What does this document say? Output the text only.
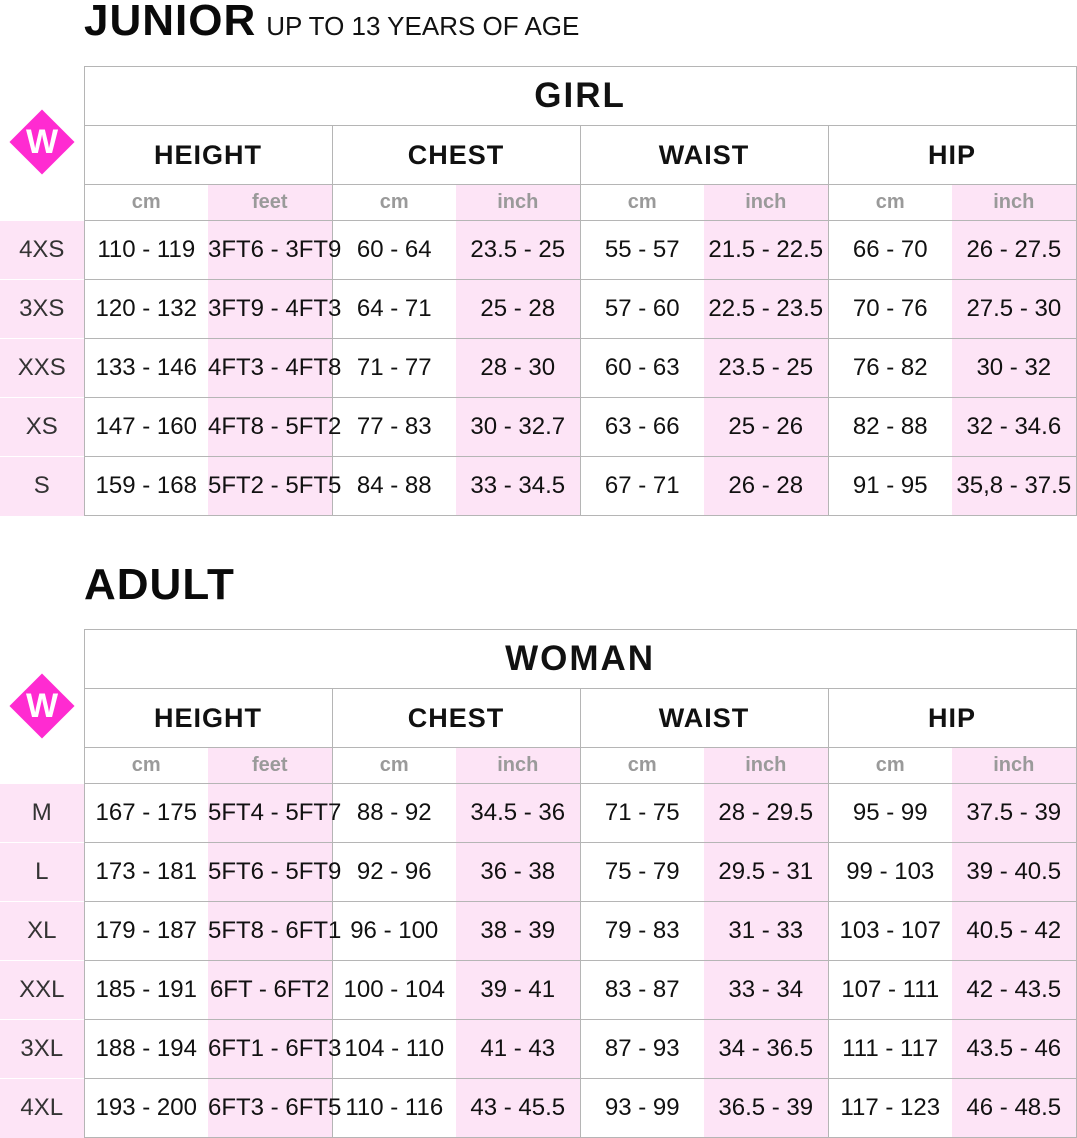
JUNIOR UP TO 13 YEARS OF AGE
W
	GIRL							
	HEIGHT		CHEST		WAIST		HIP	
	cm	feet	cm	inch	cm	inch	cm	inch
4XS	110 - 119	3FT6 - 3FT9	60 - 64	23.5 - 25	55 - 57	21.5 - 22.5	66 - 70	26 - 27.5
3XS	120 - 132	3FT9 - 4FT3	64 - 71	25 - 28	57 - 60	22.5 - 23.5	70 - 76	27.5 - 30
XXS	133 - 146	4FT3 - 4FT8	71 - 77	28 - 30	60 - 63	23.5 - 25	76 - 82	30 - 32
XS	147 - 160	4FT8 - 5FT2	77 - 83	30 - 32.7	63 - 66	25 - 26	82 - 88	32 - 34.6
S	159 - 168	5FT2 - 5FT5	84 - 88	33 - 34.5	67 - 71	26 - 28	91 - 95	35,8 - 37.5
ADULT
W
	WOMAN							
	HEIGHT		CHEST		WAIST		HIP	
	cm	feet	cm	inch	cm	inch	cm	inch
M	167 - 175	5FT4 - 5FT7	88 - 92	34.5 - 36	71 - 75	28 - 29.5	95 - 99	37.5 - 39
L	173 - 181	5FT6 - 5FT9	92 - 96	36 - 38	75 - 79	29.5 - 31	99 - 103	39 - 40.5
XL	179 - 187	5FT8 - 6FT1	96 - 100	38 - 39	79 - 83	31 - 33	103 - 107	40.5 - 42
XXL	185 - 191	6FT - 6FT2	100 - 104	39 - 41	83 - 87	33 - 34	107 - 111	42 - 43.5
3XL	188 - 194	6FT1 - 6FT3	104 - 110	41 - 43	87 - 93	34 - 36.5	111 - 117	43.5 - 46
4XL	193 - 200	6FT3 - 6FT5	110 - 116	43 - 45.5	93 - 99	36.5 - 39	117 - 123	46 - 48.5
